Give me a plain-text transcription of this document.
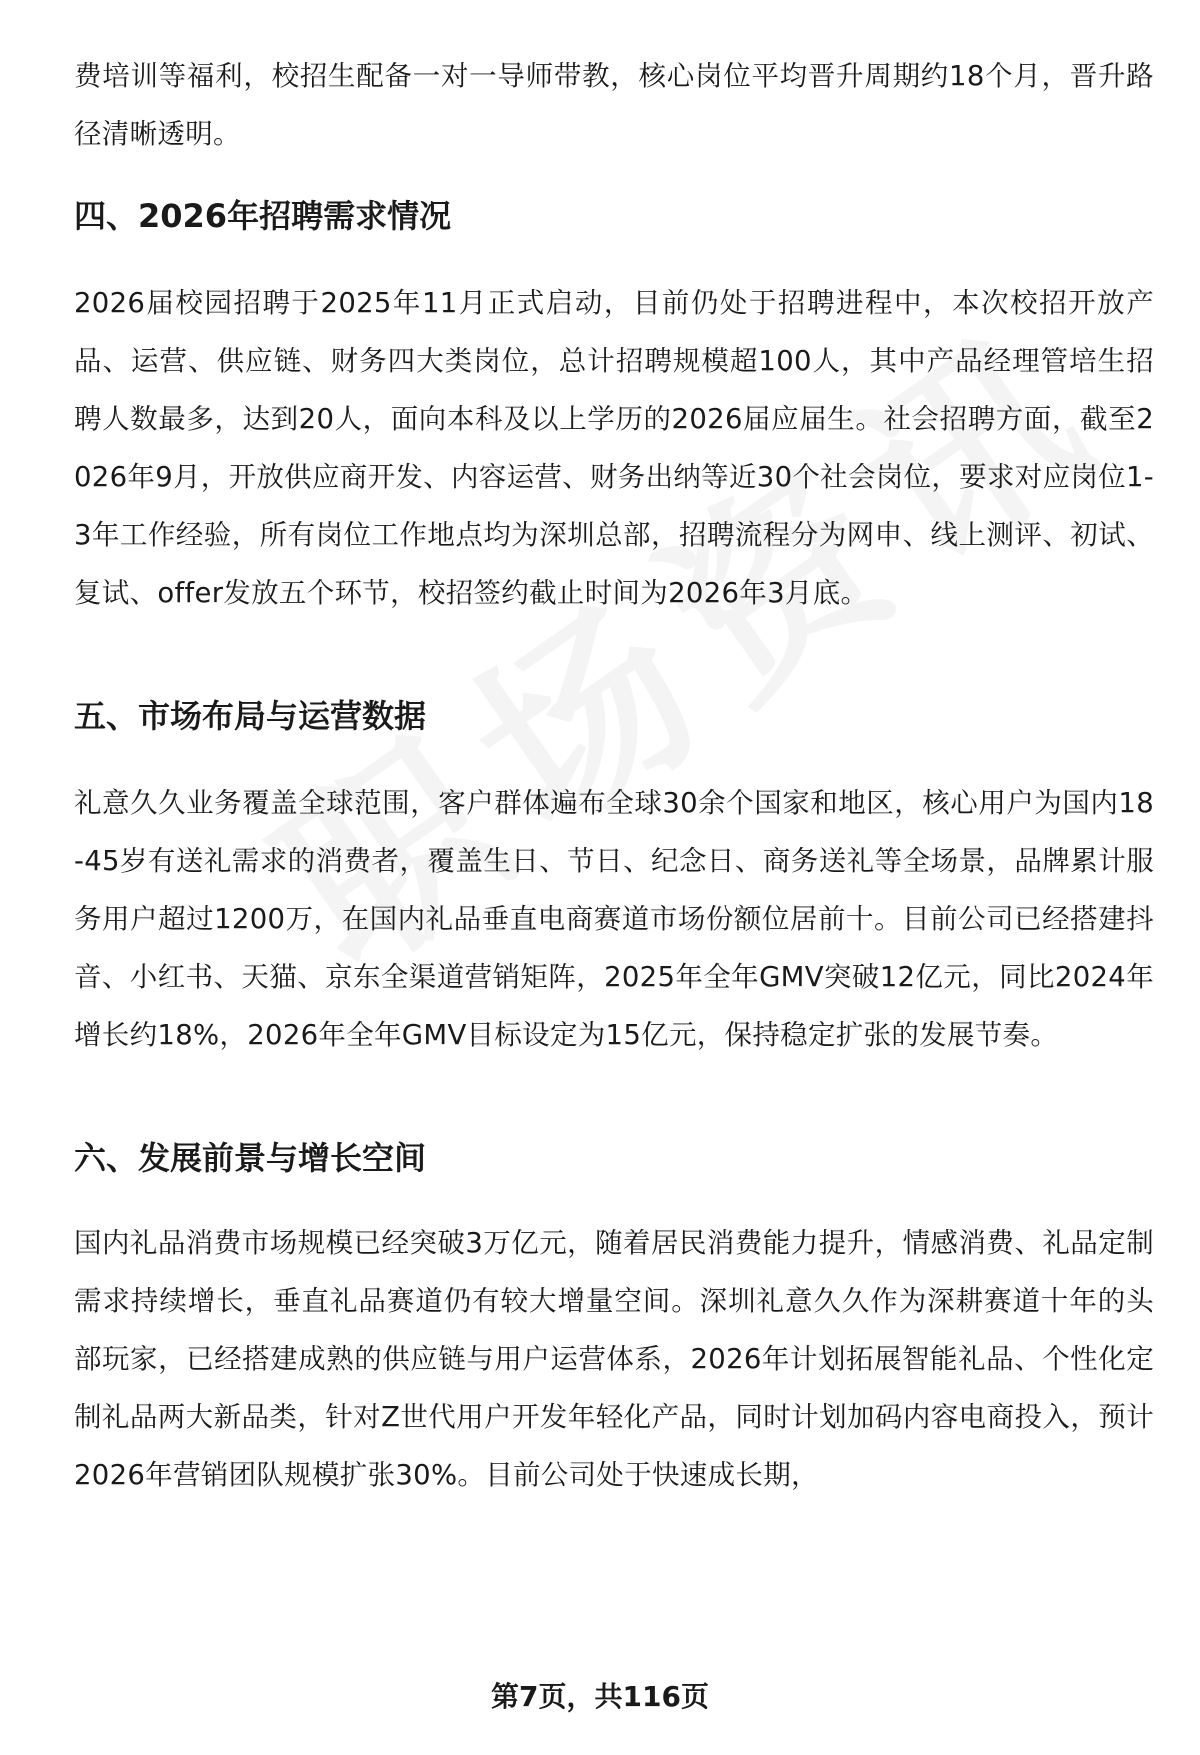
费培训等福利，校招生配备一对一导师带教，核心岗位平均晋升周期约18个月，晋升路径清晰透明。

四、2026年招聘需求情况

2026届校园招聘于2025年11月正式启动，目前仍处于招聘进程中，本次校招开放产品、运营、供应链、财务四大类岗位，总计招聘规模超100人，其中产品经理管培生招聘人数最多，达到20人，面向本科及以上学历的2026届应届生。社会招聘方面，截至2026年9月，开放供应商开发、内容运营、财务出纳等近30个社会岗位，要求对应岗位1-3年工作经验，所有岗位工作地点均为深圳总部，招聘流程分为网申、线上测评、初试、复试、offer发放五个环节，校招签约截止时间为2026年3月底。

五、市场布局与运营数据

礼意久久业务覆盖全球范围，客户群体遍布全球30余个国家和地区，核心用户为国内18-45岁有送礼需求的消费者，覆盖生日、节日、纪念日、商务送礼等全场景，品牌累计服务用户超过1200万，在国内礼品垂直电商赛道市场份额位居前十。目前公司已经搭建抖音、小红书、天猫、京东全渠道营销矩阵，2025年全年GMV突破12亿元，同比2024年增长约18%，2026年全年GMV目标设定为15亿元，保持稳定扩张的发展节奏。

六、发展前景与增长空间

国内礼品消费市场规模已经突破3万亿元，随着居民消费能力提升，情感消费、礼品定制需求持续增长，垂直礼品赛道仍有较大增量空间。深圳礼意久久作为深耕赛道十年的头部玩家，已经搭建成熟的供应链与用户运营体系，2026年计划拓展智能礼品、个性化定制礼品两大新品类，针对Z世代用户开发年轻化产品，同时计划加码内容电商投入，预计2026年营销团队规模扩张30%。目前公司处于快速成长期，

第7页，共116页
